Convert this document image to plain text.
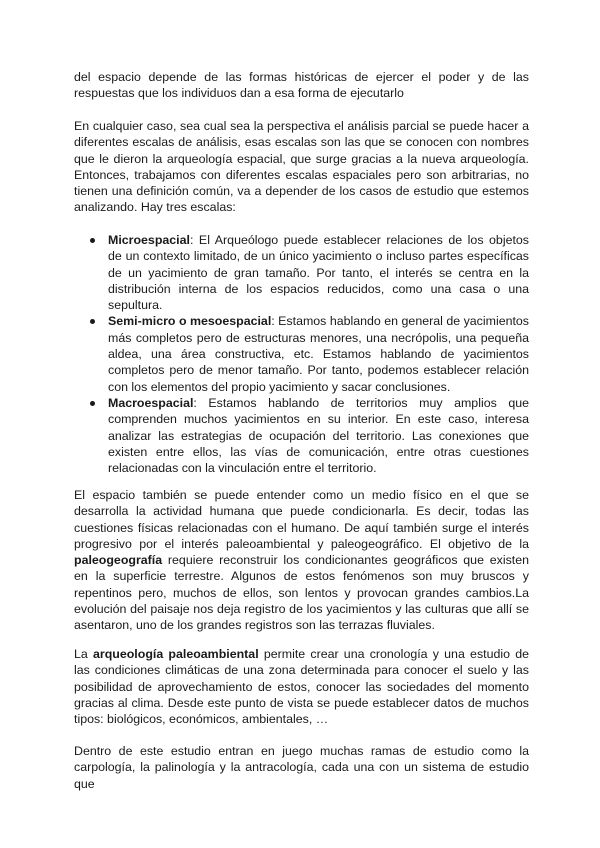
del espacio depende de las formas históricas de ejercer el poder y de las respuestas que los individuos dan a esa forma de ejecutarlo

En cualquier caso, sea cual sea la perspectiva el análisis parcial se puede hacer a diferentes escalas de análisis, esas escalas son las que se conocen con nombres que le dieron la arqueología espacial, que surge gracias a la nueva arqueología. Entonces, trabajamos con diferentes escalas espaciales pero son arbitrarias, no tienen una definición común, va a depender de los casos de estudio que estemos analizando. Hay tres escalas:

Microespacial: El Arqueólogo puede establecer relaciones de los objetos de un contexto limitado, de un único yacimiento o incluso partes específicas de un yacimiento de gran tamaño. Por tanto, el interés se centra en la distribución interna de los espacios reducidos, como una casa o una sepultura.
Semi-micro o mesoespacial: Estamos hablando en general de yacimientos más completos pero de estructuras menores, una necrópolis, una pequeña aldea, una área constructiva, etc. Estamos hablando de yacimientos completos pero de menor tamaño. Por tanto, podemos establecer relación con los elementos del propio yacimiento y sacar conclusiones.
Macroespacial: Estamos hablando de territorios muy amplios que comprenden muchos yacimientos en su interior. En este caso, interesa analizar las estrategias de ocupación del territorio. Las conexiones que existen entre ellos, las vías de comunicación, entre otras cuestiones relacionadas con la vinculación entre el territorio.

El espacio también se puede entender como un medio físico en el que se desarrolla la actividad humana que puede condicionarla. Es decir, todas las cuestiones físicas relacionadas con el humano. De aquí también surge el interés progresivo por el interés paleoambiental y paleogeográfico. El objetivo de la paleogeografía requiere reconstruir los condicionantes geográficos que existen en la superficie terrestre. Algunos de estos fenómenos son muy bruscos y repentinos pero, muchos de ellos, son lentos y provocan grandes cambios.La evolución del paisaje nos deja registro de los yacimientos y las culturas que allí se asentaron, uno de los grandes registros son las terrazas fluviales.

La arqueología paleoambiental permite crear una cronología y una estudio de las condiciones climáticas de una zona determinada para conocer el suelo y las posibilidad de aprovechamiento de estos, conocer las sociedades del momento gracias al clima. Desde este punto de vista se puede establecer datos de muchos tipos: biológicos, económicos, ambientales, …

Dentro de este estudio entran en juego muchas ramas de estudio como la carpología, la palinología y la antracología, cada una con un sistema de estudio que
